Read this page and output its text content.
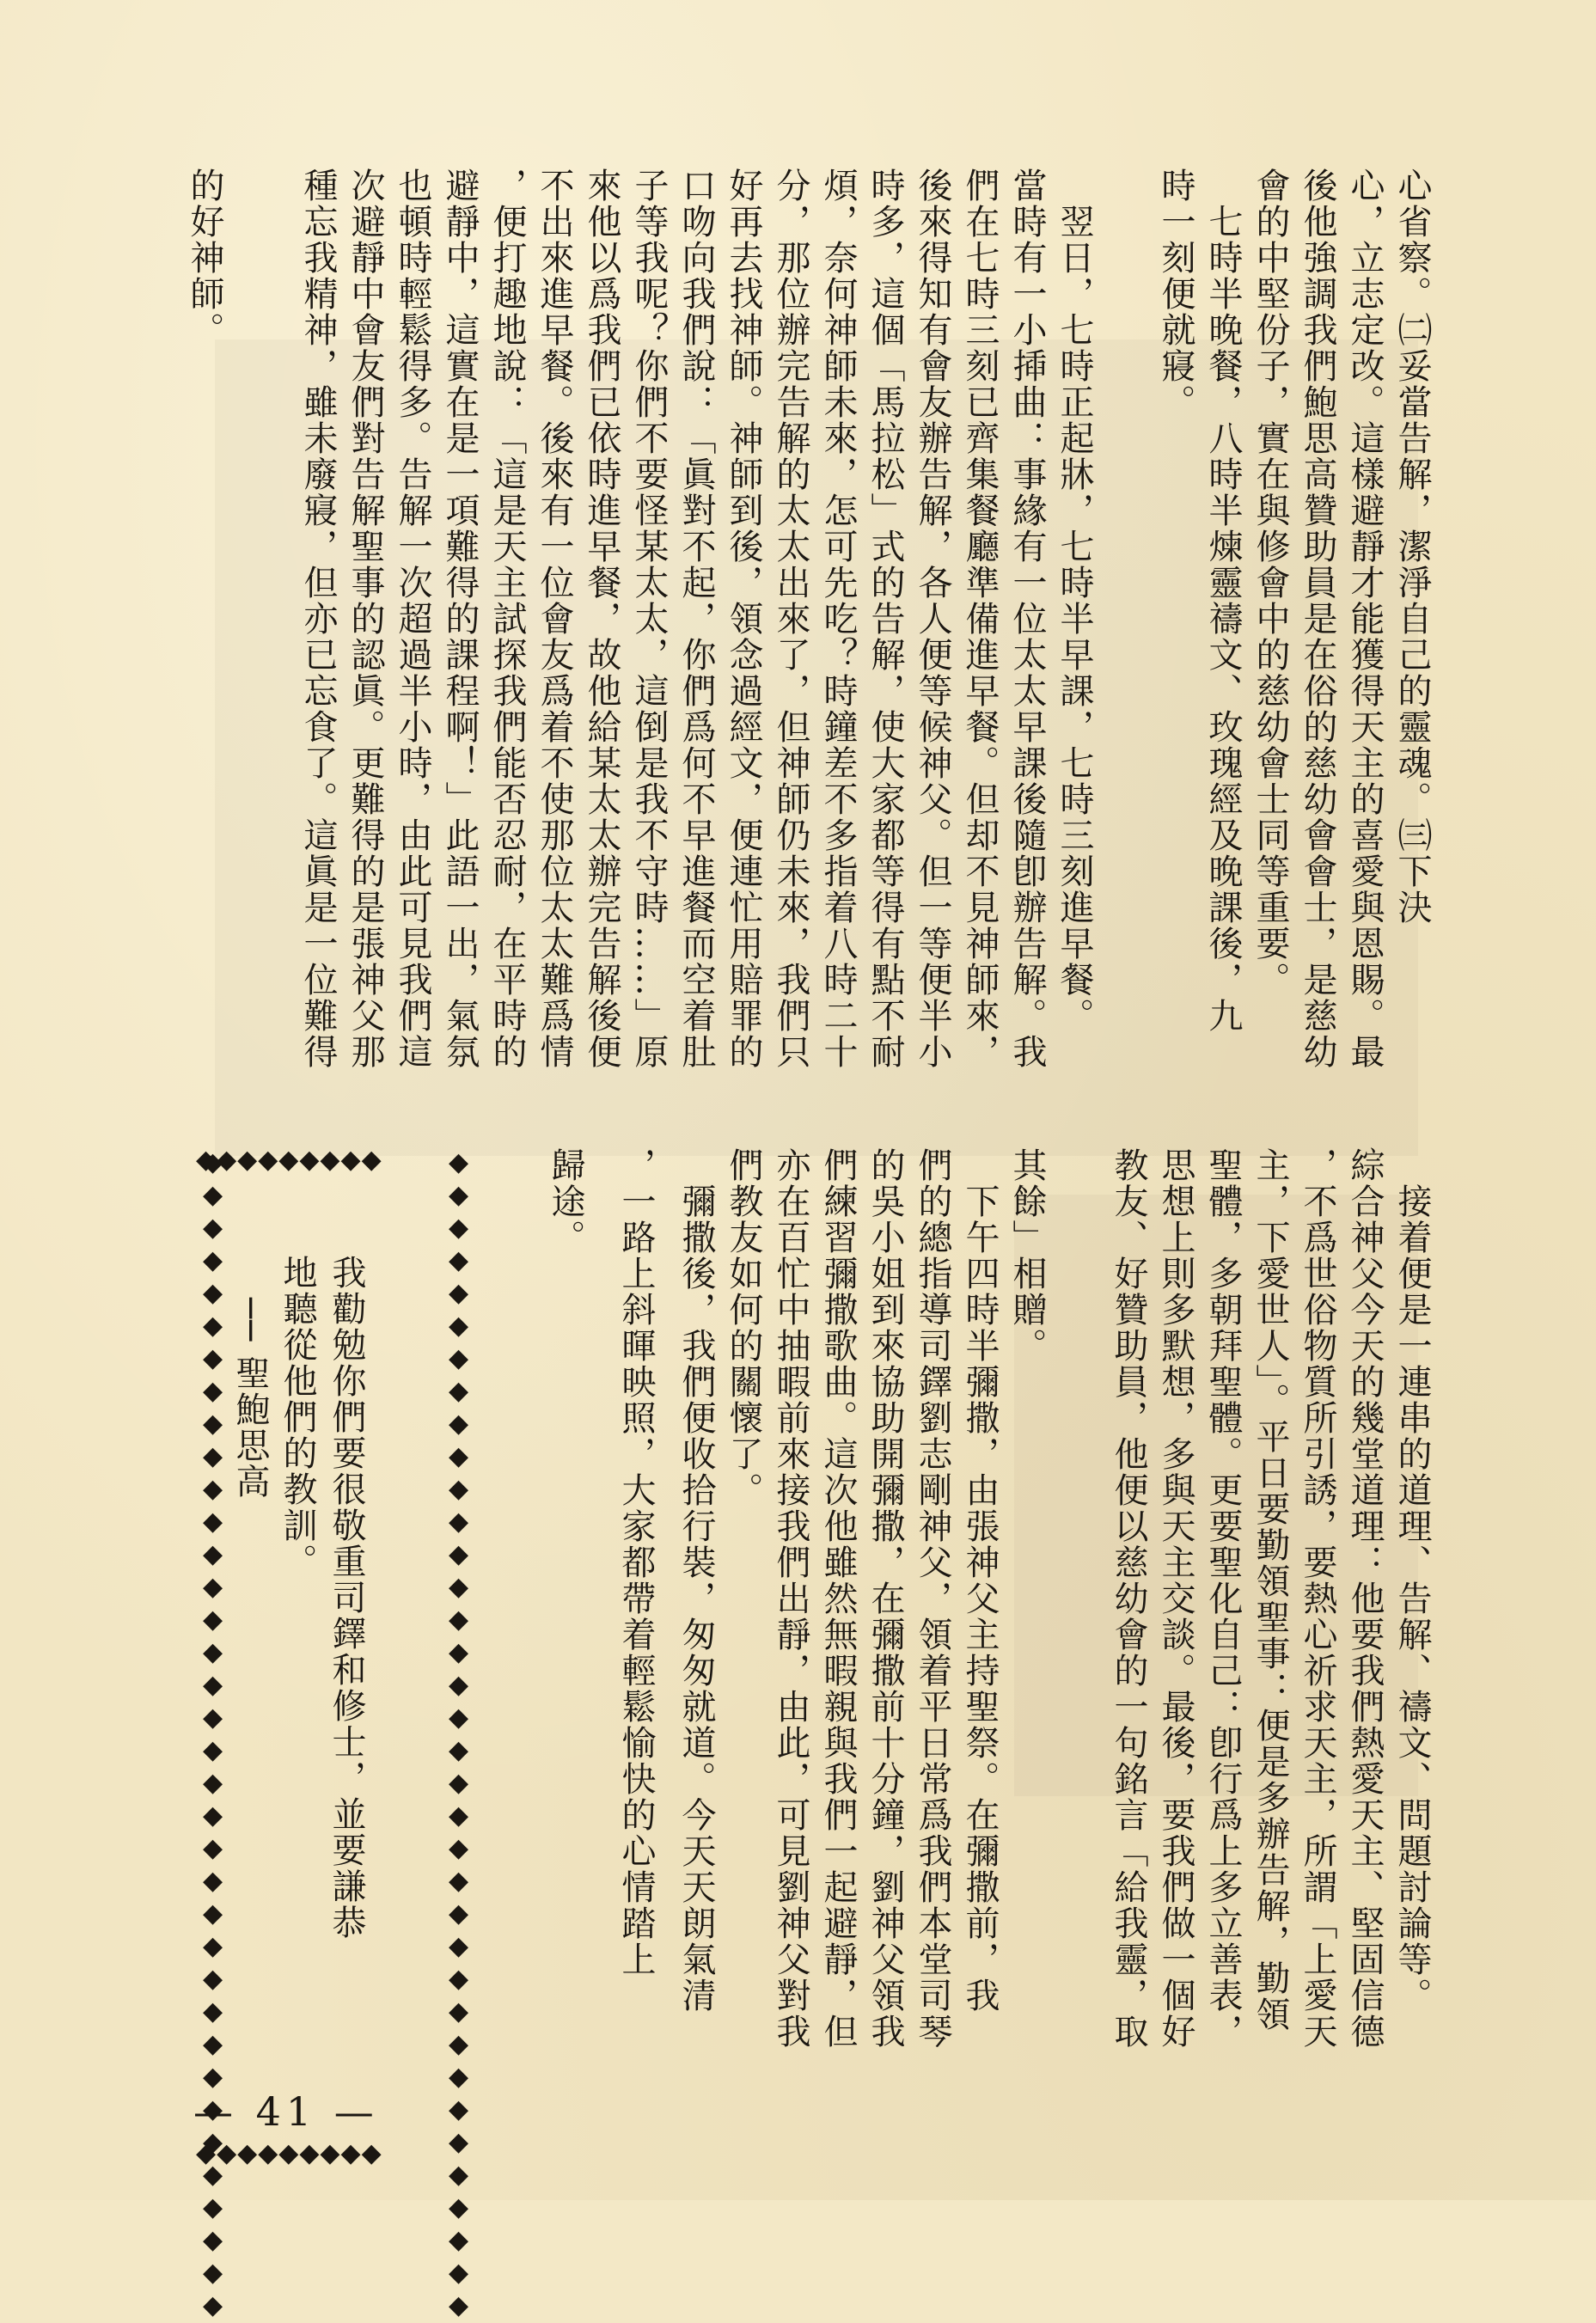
心省察。㈡妥當告解，潔淨自己的靈魂。㈢下決
心，立志定改。這樣避靜才能獲得天主的喜愛與恩賜。最
後他強調我們鮑思高贊助員是在俗的慈幼會會士，是慈幼
會的中堅份子，實在與修會中的慈幼會士同等重要。
　七時半晚餐，八時半煉靈禱文、玫瑰經及晚課後，九
時一刻便就寢。
　翌日，七時正起牀，七時半早課，七時三刻進早餐。
當時有一小揷曲：事緣有一位太太早課後隨卽辦告解。我
們在七時三刻已齊集餐廳準備進早餐。但却不見神師來，
後來得知有會友辦告解，各人便等候神父。但一等便半小
時多，這個「馬拉松」式的告解，使大家都等得有點不耐
煩，奈何神師未來，怎可先吃？時鐘差不多指着八時二十
分，那位辦完告解的太太出來了，但神師仍未來，我們只
好再去找神師。神師到後，領念過經文，便連忙用賠罪的
口吻向我們說：「眞對不起，你們爲何不早進餐而空着肚
子等我呢？你們不要怪某太太，這倒是我不守時……」原
來他以爲我們已依時進早餐，故他給某太太辦完告解後便
不出來進早餐。後來有一位會友爲着不使那位太太難爲情
，便打趣地說：「這是天主試探我們能否忍耐，在平時的
避靜中，這實在是一項難得的課程啊！」此語一出，氣氛
也頓時輕鬆得多。告解一次超過半小時，由此可見我們這
次避靜中會友們對告解聖事的認眞。更難得的是張神父那
種忘我精神，雖未廢寢，但亦已忘食了。這眞是一位難得
的好神師。
　接着便是一連串的道理、告解、禱文、問題討論等。
綜合神父今天的幾堂道理：他要我們熱愛天主、堅固信德
，不爲世俗物質所引誘，要熱心祈求天主，所謂「上愛天
主，下愛世人」。平日要勤領聖事：便是多辦告解，勤領
聖體，多朝拜聖體。更要聖化自己：卽行爲上多立善表，
思想上則多默想，多與天主交談。最後，要我們做一個好
教友、好贊助員，他便以慈幼會的一句銘言「給我靈，取
其餘」相贈。
　下午四時半彌撒，由張神父主持聖祭。在彌撒前，我
們的總指導司鐸劉志剛神父，領着平日常爲我們本堂司琴
的吳小姐到來協助開彌撒，在彌撒前十分鐘，劉神父領我
們練習彌撒歌曲。這次他雖然無暇親與我們一起避靜，但
亦在百忙中抽暇前來接我們出靜，由此，可見劉神父對我
們教友如何的關懷了。
　彌撒後，我們便收拾行裝，匆匆就道。今天天朗氣清
，一路上斜暉映照，大家都帶着輕鬆愉快的心情踏上
歸途。
◆◆◆◆◆◆◆◆◆
◆◆◆◆◆◆◆◆◆
◆◆◆◆◆◆◆◆◆◆◆◆◆◆◆◆◆◆◆◆◆◆◆◆◆◆◆◆◆◆◆◆◆◆◆◆	◆◆◆◆◆◆◆◆◆◆◆◆◆◆◆◆◆◆◆◆◆◆◆◆◆◆◆◆◆◆◆◆◆◆◆◆
我勸勉你們要很敬重司鐸和修士，並要謙恭
地聽從他們的教訓。
── 聖鮑思高
— 41 —
